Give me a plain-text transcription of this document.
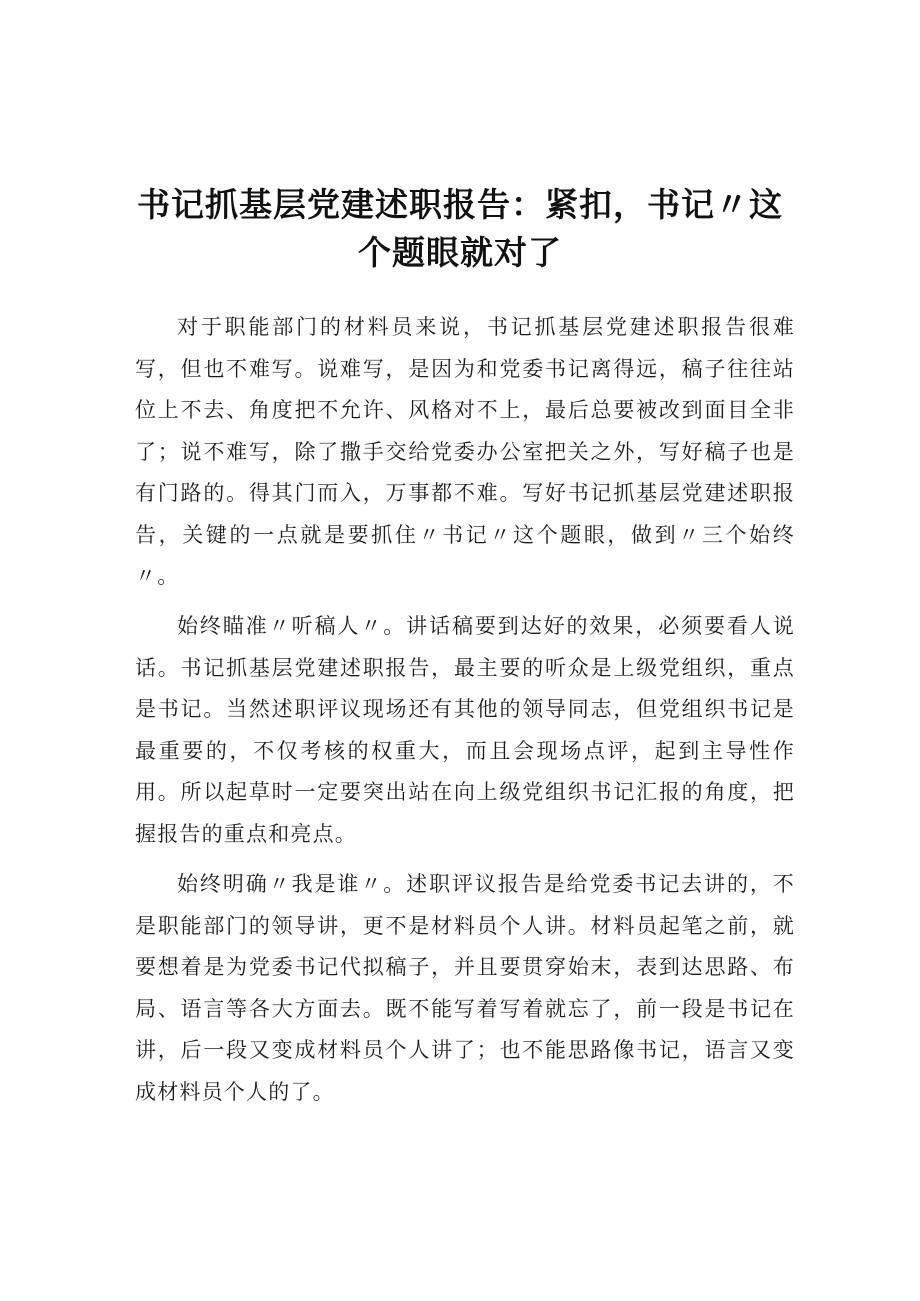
书记抓基层党建述职报告：紧扣，书记〃这个题眼就对了

对于职能部门的材料员来说，书记抓基层党建述职报告很难写，但也不难写。说难写，是因为和党委书记离得远，稿子往往站位上不去、角度把不允许、风格对不上，最后总要被改到面目全非了；说不难写，除了撒手交给党委办公室把关之外，写好稿子也是有门路的。得其门而入，万事都不难。写好书记抓基层党建述职报告，关键的一点就是要抓住〃书记〃这个题眼，做到〃三个始终〃。

始终瞄准〃听稿人〃。讲话稿要到达好的效果，必须要看人说话。书记抓基层党建述职报告，最主要的听众是上级党组织，重点是书记。当然述职评议现场还有其他的领导同志，但党组织书记是最重要的，不仅考核的权重大，而且会现场点评，起到主导性作用。所以起草时一定要突出站在向上级党组织书记汇报的角度，把握报告的重点和亮点。

始终明确〃我是谁〃。述职评议报告是给党委书记去讲的，不是职能部门的领导讲，更不是材料员个人讲。材料员起笔之前，就要想着是为党委书记代拟稿子，并且要贯穿始末，表到达思路、布局、语言等各大方面去。既不能写着写着就忘了，前一段是书记在讲，后一段又变成材料员个人讲了；也不能思路像书记，语言又变成材料员个人的了。
